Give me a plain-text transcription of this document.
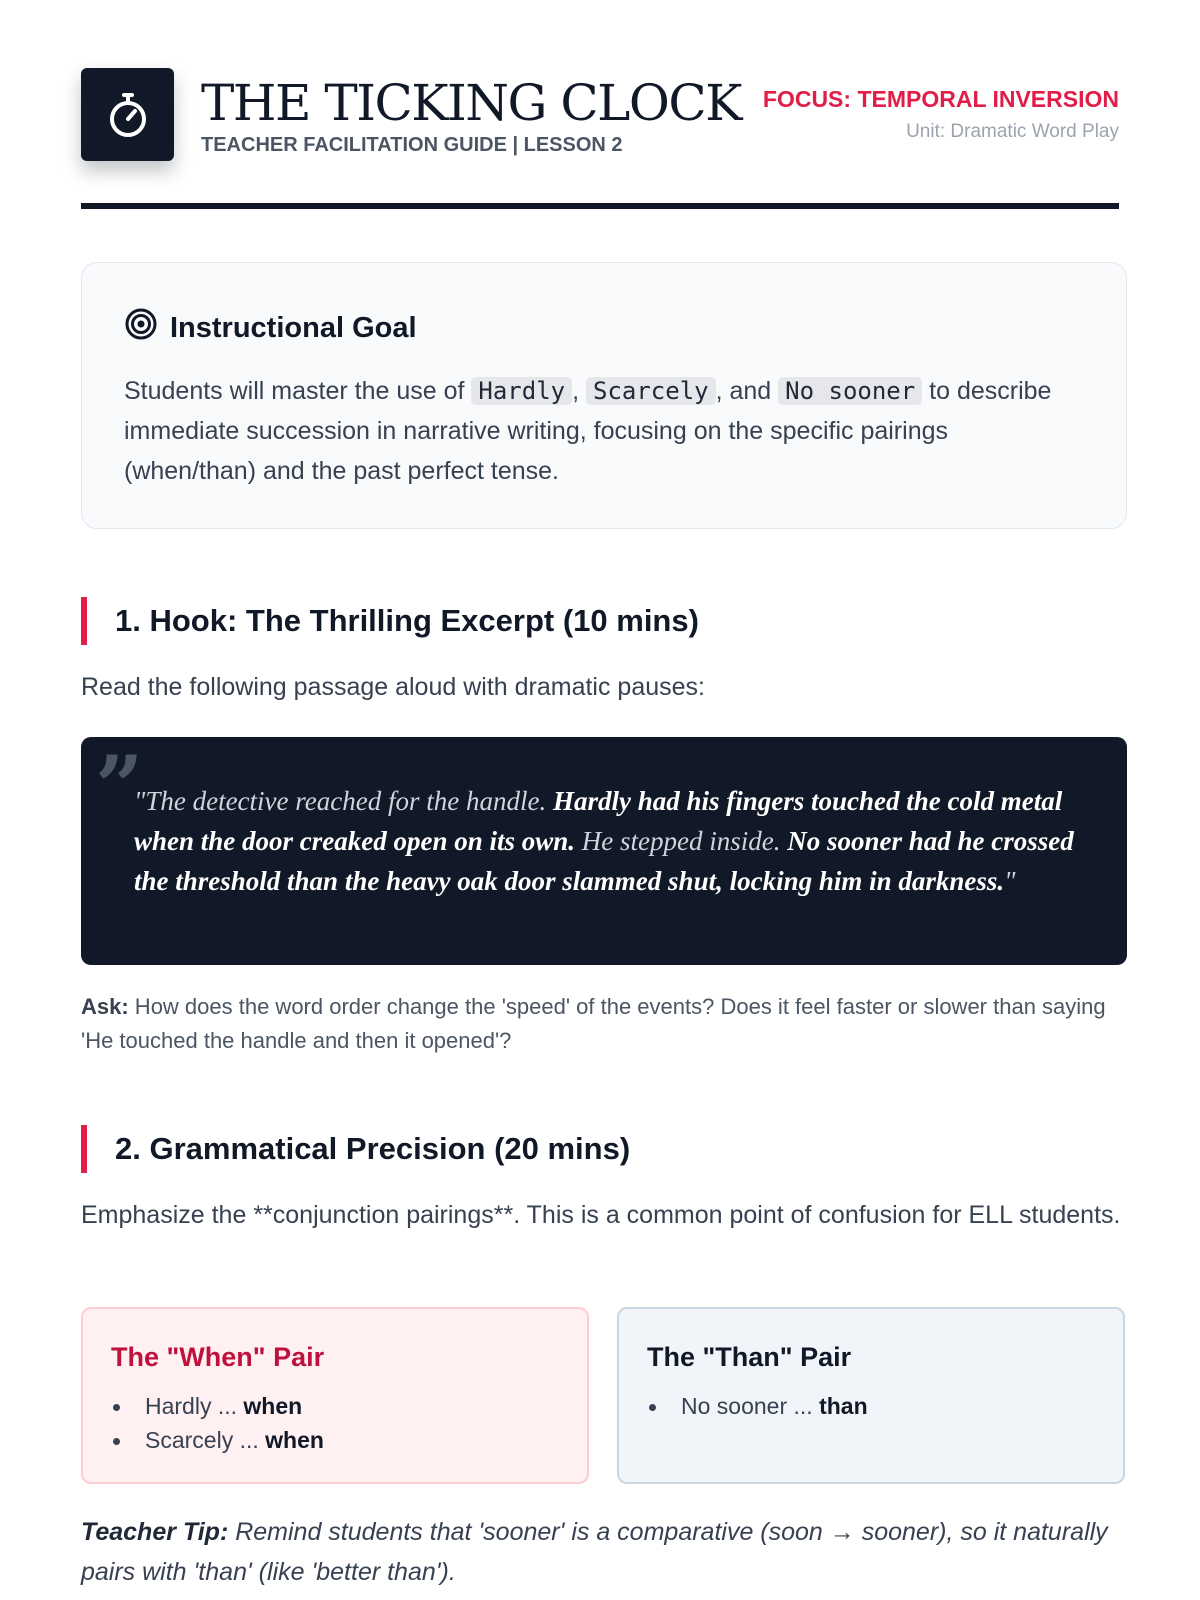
THE TICKING CLOCK
TEACHER FACILITATION GUIDE | LESSON 2
FOCUS: TEMPORAL INVERSION
Unit: Dramatic Word Play
Instructional Goal

Students will master the use of Hardly , Scarcely , and No sooner to describe immediate succession in narrative writing, focusing on the specific pairings (when/than) and the past perfect tense.

1. Hook: The Thrilling Excerpt (10 mins)

Read the following passage aloud with dramatic pauses:

”

"The detective reached for the handle. Hardly had his fingers touched the cold metal when the door creaked open on its own. He stepped inside. No sooner had he crossed the threshold than the heavy oak door slammed shut, locking him in darkness."

Ask: How does the word order change the 'speed' of the events? Does it feel faster or slower than saying 'He touched the handle and then it opened'?

2. Grammatical Precision (20 mins)

Emphasize the **conjunction pairings**. This is a common point of confusion for ELL students.

The "When" Pair
Hardly ... when
Scarcely ... when
The "Than" Pair
No sooner ... than

Teacher Tip: Remind students that 'sooner' is a comparative (soon → sooner), so it naturally pairs with 'than' (like 'better than').
